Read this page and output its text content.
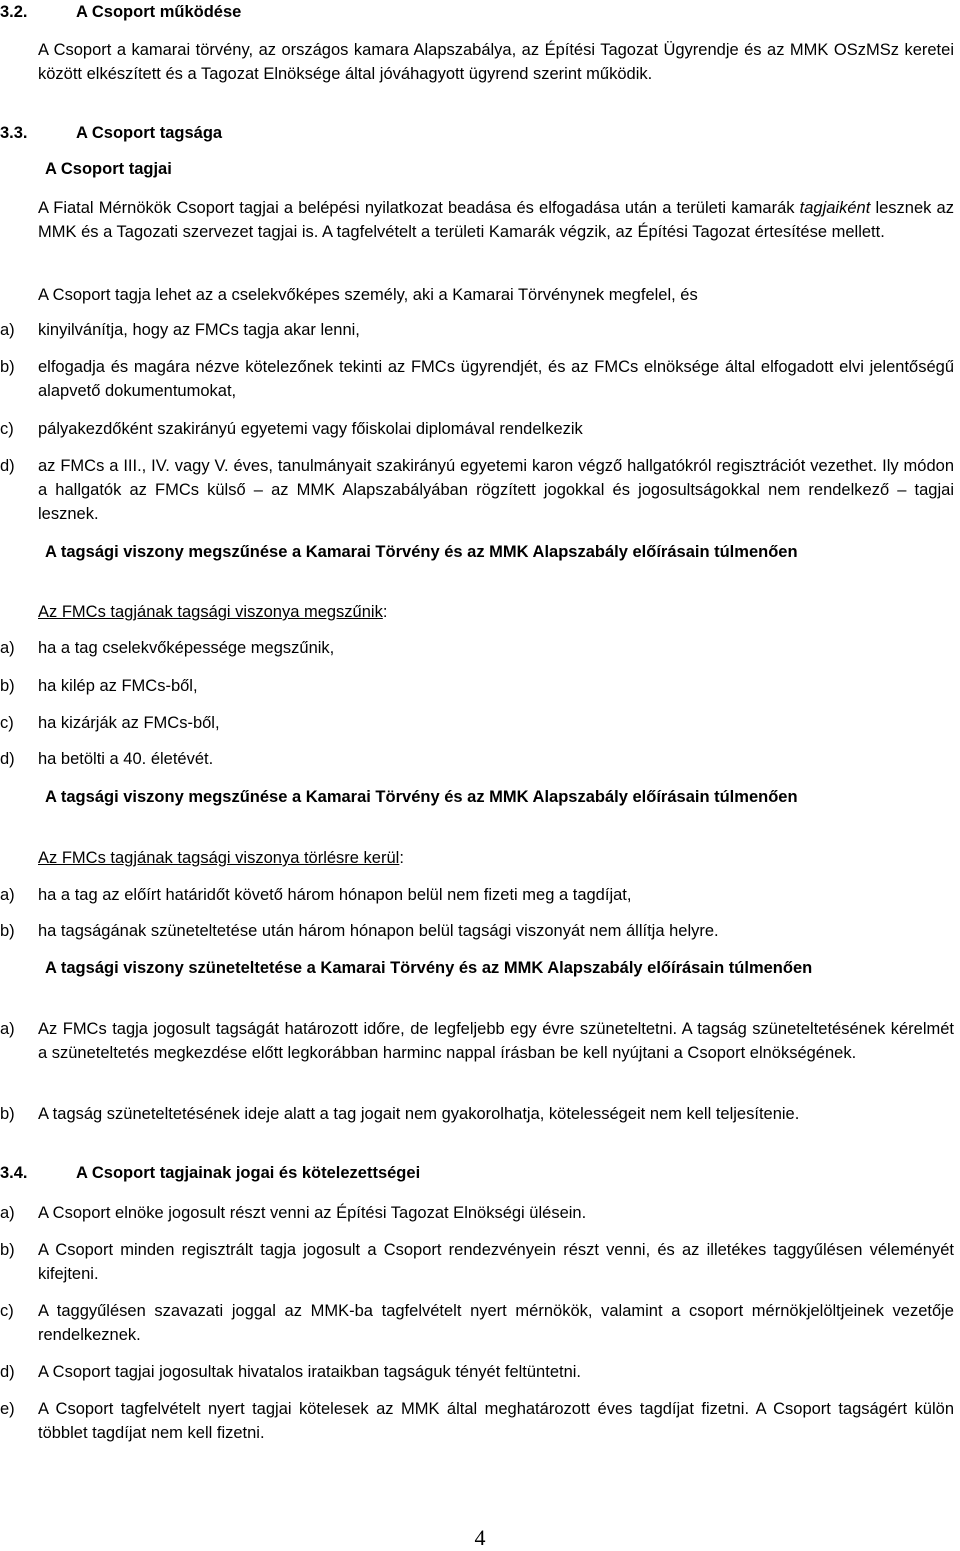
3.2.	A Csoport működése

A Csoport a kamarai törvény, az országos kamara Alapszabálya, az Építési Tagozat Ügyrendje és az MMK OSzMSz keretei között elkészített és a Tagozat Elnöksége által jóváhagyott ügyrend szerint működik.

3.3.	A Csoport tagsága

A Csoport tagjai

A Fiatal Mérnökök Csoport tagjai a belépési nyilatkozat beadása és elfogadása után a területi kamarák tagjaiként lesznek az MMK és a Tagozati szervezet tagjai is. A tagfelvételt a területi Kamarák végzik, az Építési Tagozat értesítése mellett.

A Csoport tagja lehet az a cselekvőképes személy, aki a Kamarai Törvénynek megfelel, és

a) kinyilvánítja, hogy az FMCs tagja akar lenni,

b) elfogadja és magára nézve kötelezőnek tekinti az FMCs ügyrendjét, és az FMCs elnöksége által elfogadott elvi jelentőségű alapvető dokumentumokat,

c) pályakezdőként szakirányú egyetemi vagy főiskolai diplomával rendelkezik

d) az FMCs a III., IV. vagy V. éves, tanulmányait szakirányú egyetemi karon végző hallgatókról regisztrációt vezethet. Ily módon a hallgatók az FMCs külső – az MMK Alapszabályában rögzített jogokkal és jogosultságokkal nem rendelkező – tagjai lesznek.

A tagsági viszony megszűnése a Kamarai Törvény és az MMK Alapszabály előírásain túlmenően

Az FMCs tagjának tagsági viszonya megszűnik:

a) ha a tag cselekvőképessége megszűnik,

b) ha kilép az FMCs-ből,

c) ha kizárják az FMCs-ből,

d) ha betölti a 40. életévét.

A tagsági viszony megszűnése a Kamarai Törvény és az MMK Alapszabály előírásain túlmenően

Az FMCs tagjának tagsági viszonya törlésre kerül:

a) ha a tag az előírt határidőt követő három hónapon belül nem fizeti meg a tagdíjat,

b) ha tagságának szüneteltetése után három hónapon belül tagsági viszonyát nem állítja helyre.

A tagsági viszony szüneteltetése a Kamarai Törvény és az MMK Alapszabály előírásain túlmenően

a) Az FMCs tagja jogosult tagságát határozott időre, de legfeljebb egy évre szüneteltetni. A tagság szüneteltetésének kérelmét a szüneteltetés megkezdése előtt legkorábban harminc nappal írásban be kell nyújtani a Csoport elnökségének.

b) A tagság szüneteltetésének ideje alatt a tag jogait nem gyakorolhatja, kötelességeit nem kell teljesítenie.

3.4.	A Csoport tagjainak jogai és kötelezettségei

a) A Csoport elnöke jogosult részt venni az Építési Tagozat Elnökségi ülésein.

b) A Csoport minden regisztrált tagja jogosult a Csoport rendezvényein részt venni, és az illetékes taggyűlésen véleményét kifejteni.

c) A taggyűlésen szavazati joggal az MMK-ba tagfelvételt nyert mérnökök, valamint a csoport mérnökjelöltjeinek vezetője rendelkeznek.

d) A Csoport tagjai jogosultak hivatalos irataikban tagságuk tényét feltüntetni.

e) A Csoport tagfelvételt nyert tagjai kötelesek az MMK által meghatározott éves tagdíjat fizetni. A Csoport tagságért külön többlet tagdíjat nem kell fizetni.

4
